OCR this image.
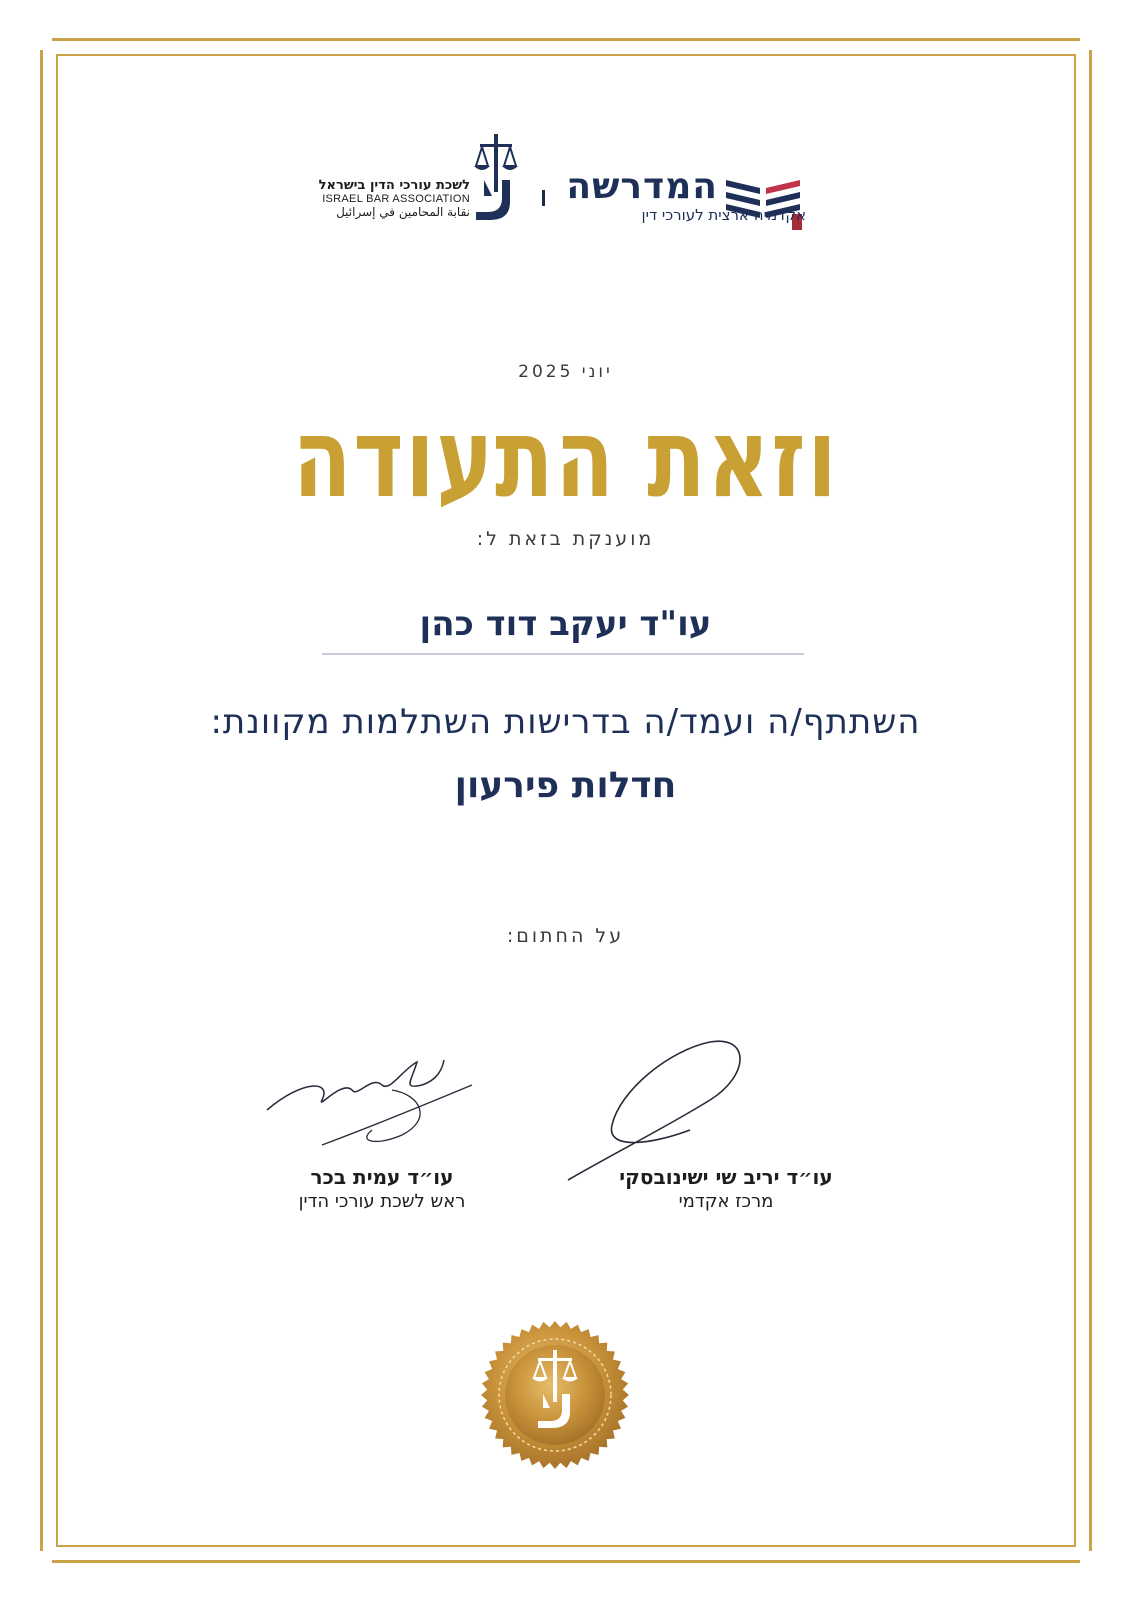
לשכת עורכי הדין בישראל
ISRAEL BAR ASSOCIATION
نقابة المحامين في إسرائيل
המדרשה
אקדמיה ארצית לעורכי דין
יוני 2025
וזאת התעודה
מוענקת בזאת ל:
עו"ד יעקב דוד כהן
השתתף/ה ועמד/ה בדרישות השתלמות מקוונת:
חדלות פירעון
על החתום:
עו״ד יריב שי ישינובסקי
מרכז אקדמי
עו״ד עמית בכר
ראש לשכת עורכי הדין
